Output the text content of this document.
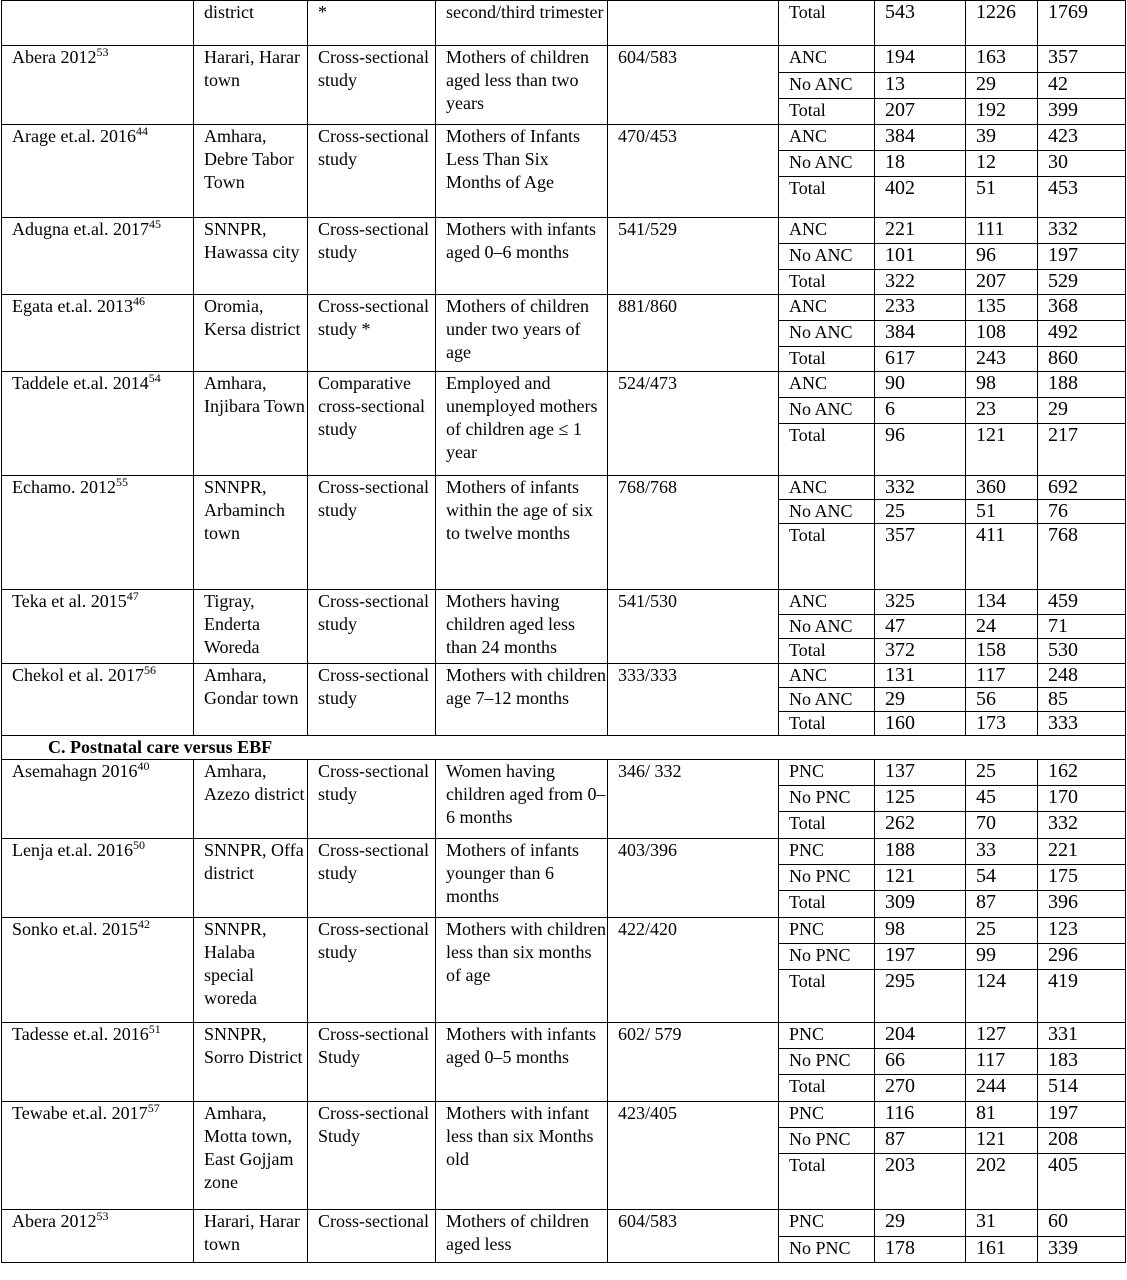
	district	*	second/third trimester		Total	543	1226	1769
Abera 2012$^{53}$	Harari, Harar town	Cross-sectional study	Mothers of children aged less than two years	604/583	ANC	194	163	357
					No ANC	13	29	42
					Total	207	192	399
Arage et.al. 2016$^{44}$	Amhara, Debre Tabor Town	Cross-sectional study	Mothers of Infants Less Than Six Months of Age	470/453	ANC	384	39	423
					No ANC	18	12	30
					Total	402	51	453
Adugna et.al. 2017$^{45}$	SNNPR, Hawassa city	Cross-sectional study	Mothers with infants aged 0–6 months	541/529	ANC	221	111	332
					No ANC	101	96	197
					Total	322	207	529
Egata et.al. 2013$^{46}$	Oromia, Kersa district	Cross-sectional study *	Mothers of children under two years of age	881/860	ANC	233	135	368
					No ANC	384	108	492
					Total	617	243	860
Taddele et.al. 2014$^{54}$	Amhara, Injibara Town	Comparative cross-sectional study	Employed and unemployed mothers of children age ≤ 1 year	524/473	ANC	90	98	188
					No ANC	6	23	29
					Total	96	121	217
Echamo. 2012$^{55}$	SNNPR, Arbaminch town	Cross-sectional study	Mothers of infants within the age of six to twelve months	768/768	ANC	332	360	692
					No ANC	25	51	76
					Total	357	411	768
Teka et al. 2015$^{47}$	Tigray, Enderta Woreda	Cross-sectional study	Mothers having children aged less than 24 months	541/530	ANC	325	134	459
					No ANC	47	24	71
					Total	372	158	530
Chekol et al. 2017$^{56}$	Amhara, Gondar town	Cross-sectional study	Mothers with children age 7–12 months	333/333	ANC	131	117	248
					No ANC	29	56	85
					Total	160	173	333
C. Postnatal care versus EBF								
Asemahagn 2016$^{40}$	Amhara, Azezo district	Cross-sectional study	Women having children aged from 0–6 months	346/ 332	PNC	137	25	162
					No PNC	125	45	170
					Total	262	70	332
Lenja et.al. 2016$^{50}$	SNNPR, Offa district	Cross-sectional study	Mothers of infants younger than 6 months	403/396	PNC	188	33	221
					No PNC	121	54	175
					Total	309	87	396
Sonko et.al. 2015$^{42}$	SNNPR, Halaba special woreda	Cross-sectional study	Mothers with children less than six months of age	422/420	PNC	98	25	123
					No PNC	197	99	296
					Total	295	124	419
Tadesse et.al. 2016$^{51}$	SNNPR, Sorro District	Cross-sectional Study	Mothers with infants aged 0–5 months	602/ 579	PNC	204	127	331
					No PNC	66	117	183
					Total	270	244	514
Tewabe et.al. 2017$^{57}$	Amhara, Motta town, East Gojjam zone	Cross-sectional Study	Mothers with infant less than six Months old	423/405	PNC	116	81	197
					No PNC	87	121	208
					Total	203	202	405
Abera 2012$^{53}$	Harari, Harar town	Cross-sectional	Mothers of children aged less	604/583	PNC	29	31	60
					No PNC	178	161	339
